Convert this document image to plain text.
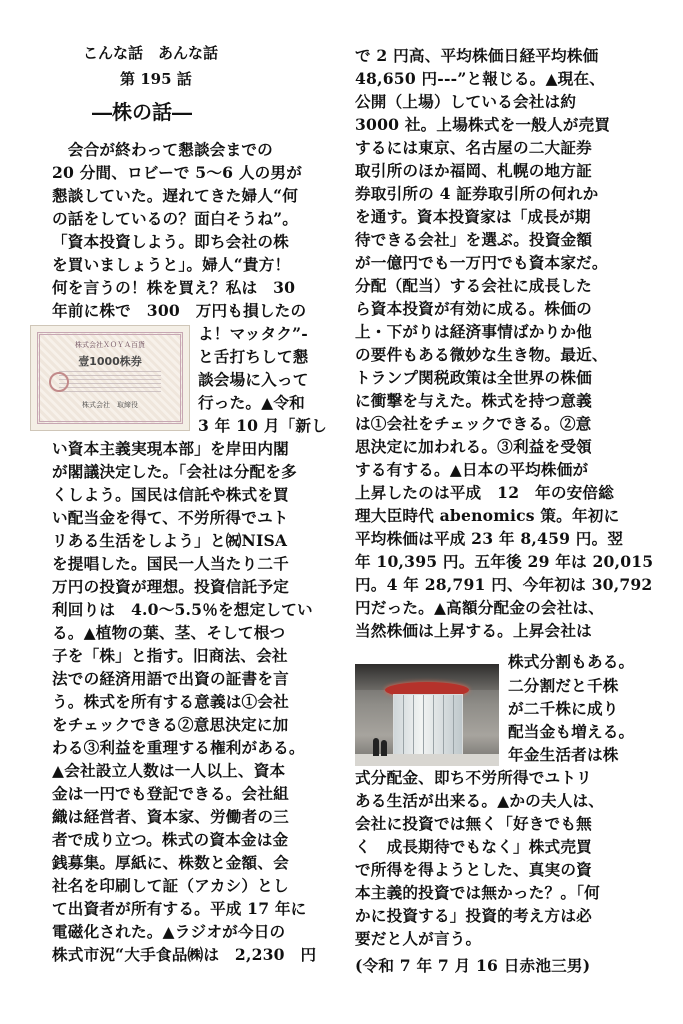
こんな話　あんな話
第 195 話
―株の話―
株式会社ＸＯＹＡ百貨
壹1000株券
株式会社　取締役
　会合が終わって懇談会までの
20 分間、ロビーで 5～6 人の男が
懇談していた。遅れてきた婦人“何
の話をしているの？面白そうね”。
「資本投資しよう。即ち会社の株
を買いましょうと」。婦人“貴方！
何を言うの！株を買え？私は　30
年前に株で　300　万円も損したの
よ！マッタク”-
と舌打ちして懇
談会場に入って
行った。▲令和
3 年 10 月「新し
い資本主義実現本部」を岸田内閣
が閣議決定した。「会社は分配を多
くしよう。国民は信託や株式を買
い配当金を得て、不労所得でユト
リある生活をしよう」と㈷NISA
を提唱した。国民一人当たり二千
万円の投資が理想。投資信託予定
利回りは　4.0～5.5％を想定してい
る。▲植物の葉、茎、そして根つ
子を「株」と指す。旧商法、会社
法での経済用語で出資の証書を言
う。株式を所有する意義は①会社
をチェックできる②意思決定に加
わる③利益を重理する権利がある。
▲会社設立人数は一人以上、資本
金は一円でも登記できる。会社組
織は経営者、資本家、労働者の三
者で成り立つ。株式の資本金は金
銭募集。厚紙に、株数と金額、会
社名を印刷して証（アカシ）とし
て出資者が所有する。平成 17 年に
電磁化された。▲ラジオが今日の
株式市況“大手食品㈱は　2,230　円
で 2 円高、平均株価日経平均株価
48,650 円---”と報じる。▲現在、
公開（上場）している会社は約
3000 社。上場株式を一般人が売買
するには東京、名古屋の二大証券
取引所のほか福岡、札幌の地方証
券取引所の 4 証券取引所の何れか
を通す。資本投資家は「成長が期
待できる会社」を選ぶ。投資金額
が一億円でも一万円でも資本家だ。
分配（配当）する会社に成長した
ら資本投資が有効に成る。株価の
上・下がりは経済事情ばかりか他
の要件もある微妙な生き物。最近、
トランプ関税政策は全世界の株価
に衝撃を与えた。株式を持つ意義
は①会社をチェックできる。②意
思決定に加われる。③利益を受領
する有する。▲日本の平均株価が
上昇したのは平成　12　年の安倍総
理大臣時代 abenomics 策。年初に
平均株価は平成 23 年 8,459 円。翌
年 10,395 円。五年後 29 年は 20,015
円。4 年 28,791 円、今年初は 30,792
円だった。▲高額分配金の会社は、
当然株価は上昇する。上昇会社は
株式分割もある。
二分割だと千株
が二千株に成り
配当金も増える。
年金生活者は株
式分配金、即ち不労所得でユトリ
ある生活が出来る。▲かの夫人は、
会社に投資では無く「好きでも無
く　成長期待でもなく」株式売買
で所得を得ようとした、真実の資
本主義的投資では無かった？。「何
かに投資する」投資的考え方は必
要だと人が言う。
(令和 7 年 7 月 16 日赤池三男)
